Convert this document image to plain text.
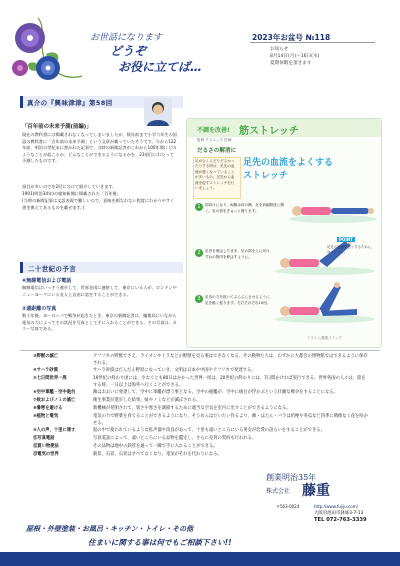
お世話になります
どうぞ
お役に立てば…
2023年お盆号 №118
お知らせ
8月14日(月)〜16日(水)
夏期休暇を頂きます
真介の『興味津津』第58回
「百年前の未来予測(前編)」
現在の教科書には掲載されなくなってしまいましたが、数年前まで小学六年生の国語の教科書に「百年前の未来予測」という文章が載っていたそうです。今から122年前、明治の世紀末に書かれた記事で、当時の新聞記者がこれから100年間にどのようなことが起こるか、どんなことができるようになるかを、23項目にわたって予測したものです。
項目が多いのでを2回に分けて紹介していきます。
1901(明治34年)の報知新聞に掲載された「百年後」
(当時の新聞記事は文語表現で難しいので、意味を損なわない程度にわかりやすく書き換えてあるものを載せます。)
二十世紀の予言
⑥無線電信および電話
無線電信はいっそう進歩して、世界各国に連絡して、東京にいる人が、ロンドンやニューヨークにいる友人と自由に話をすることができる。
②遠距離の写真
数十年後、ヨーロッパで戦争が起きたとき、東京の新聞記者は、編集局にいながら電気の力によってその状況を写真として手に入れることができる。その写真は、カラー写真である。
不調を改善! 筋ストレッチ
監修 クリニック 医師
だるさの解消に
足先の血流をよくする
ストレッチ
足がむくんだりだるかったりする時は、足先の血流が悪くなっていることが多いもの。足先から血流を促すストレッチを行いましょう。
1	仰向けになり、両腕は体の横、足を肩幅程度に開く。足の指をぎゅっと握ります。
2	足首を伸ばしたまま、足の指を上に向け、すねの筋肉を伸ばすように。
3	足首の力を抜いてぶらぶらさせるように、足を軽く振ります。左右それぞれ10回。
POINT
足先の血流を良くするために、ゆっくりと。
イラスト/健康ステップ
③野獣の滅亡	アフリカの野獣でさえ、ライオンやトラなどの野獣を見る事はできなくなる。その動物たちは、わずかに大都会の博物館ではできるように保存される。
④サハラ砂漠	サハラ砂漠はだんだん野原になっていき、文明は日本や中国やアフリカで発達する。
⑤七日間世界一周	19世紀の終わり頃には、少なくとも80日はかかった世界一周は、20世紀の終わりには、7日間かければ実行できる。世界各国の人々は、旅をする時、一日以上は海外へ行くことができる。
⑥空中軍艦・空中砲台	敵はおおいに発達して、空中に軍艦が漂う事となる。空中の砲艦が、空中に砲台が浮かぶという壮観な戦争をすることになる。
⑦蚊およびノミの滅亡	衛生事業が進歩した結果、蚊やノミなどが滅ぼされる。
⑧暑寒を避ける	新機械が発明されて、暑さや寒さを調節するために適当な空気を室内に出すことができるようになる。
⑨植物と電気	電気の力で野菜を育てることができるようになり、そうめんはだいたい作るより、敵・ほたん・バラは桔梗や冬瓜など四季に関係なく花を咲かせる。
⑩人の声、十里に達す	船の中で使われているような拡声器や改良があって、十里も遠いところにいる男女が恋愛の語らいをすることができる。
⑪写真電話	写真電話によって、遠いところにいる品物を鑑定し、さらに売買の契約も行われる。
⑫買い物便法	その品物は地中の鉄管を通って一瞬で手に入れることができる。
⑬電気の世界	薪炭、石炭、石炭はすべてなくなり、電気がそれを代わりになる。
創業明治35年
株式会社 藤重
〒563-0024	http://www.fujiju.com/
大阪府池田市鉢塚3-7-13
TEL 072-763-3339
屋根・外壁塗装・お風呂・キッチン・トイレ・その他
住まいに関する事は何でもご相談下さい!!
